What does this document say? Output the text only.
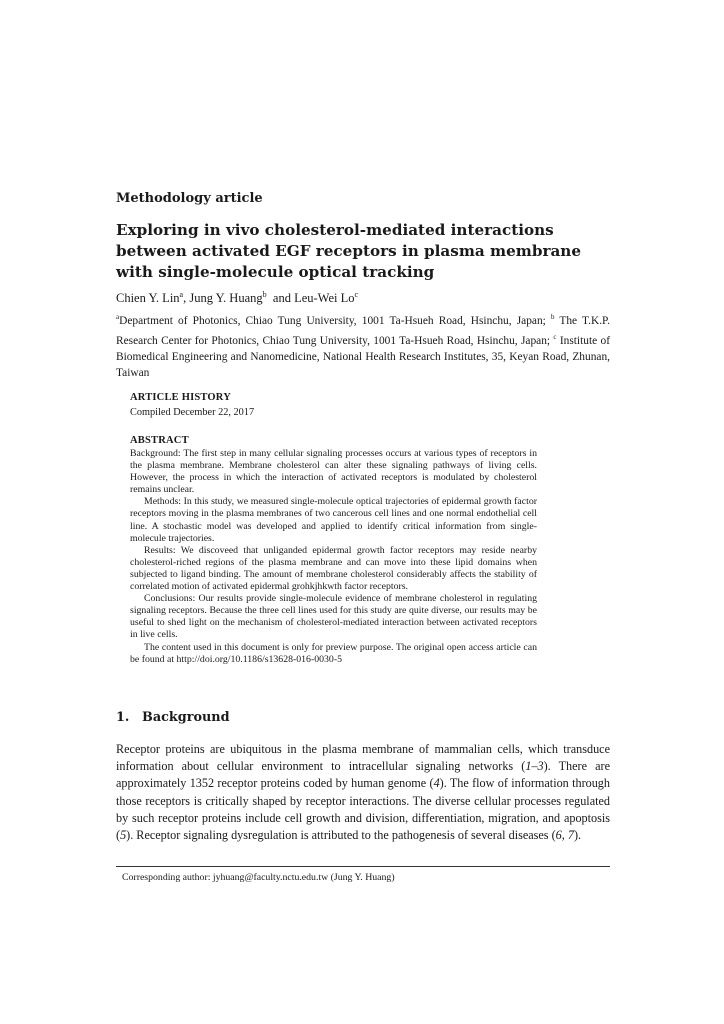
Methodology article
Exploring in vivo cholesterol-mediated interactions between activated EGF receptors in plasma membrane with single-molecule optical tracking
Chien Y. Lin$^a$, Jung Y. Huang$^b$  and Leu-Wei Lo$^c$
$^a$Department of Photonics, Chiao Tung University, 1001 Ta-Hsueh Road, Hsinchu, Japan; $^b$ The T.K.P. Research Center for Photonics, Chiao Tung University, 1001 Ta-Hsueh Road, Hsinchu, Japan; $^c$ Institute of Biomedical Engineering and Nanomedicine, National Health Research Institutes, 35, Keyan Road, Zhunan, Taiwan
ARTICLE HISTORY
Compiled December 22, 2017
ABSTRACT

Background: The first step in many cellular signaling processes occurs at various types of receptors in the plasma membrane. Membrane cholesterol can alter these signaling pathways of living cells. However, the process in which the interaction of activated receptors is modulated by cholesterol remains unclear.

Methods: In this study, we measured single-molecule optical trajectories of epidermal growth factor receptors moving in the plasma membranes of two cancerous cell lines and one normal endothelial cell line. A stochastic model was developed and applied to identify critical information from single-molecule trajectories.

Results: We discoveed that unliganded epidermal growth factor receptors may reside nearby cholesterol-riched regions of the plasma membrane and can move into these lipid domains when subjected to ligand binding. The amount of membrane cholesterol considerably affects the stability of correlated motion of activated epidermal grohkjhkwth factor receptors.

Conclusions: Our results provide single-molecule evidence of membrane cholesterol in regulating signaling receptors. Because the three cell lines used for this study are quite diverse, our results may be useful to shed light on the mechanism of cholesterol-mediated interaction between activated receptors in live cells.

The content used in this document is only for preview purpose. The original open access article can be found at http://doi.org/10.1186/s13628-016-0030-5

1. Background
Receptor proteins are ubiquitous in the plasma membrane of mammalian cells, which transduce information about cellular environment to intracellular signaling networks (1–3). There are approximately 1352 receptor proteins coded by human genome (4). The flow of information through those receptors is critically shaped by receptor interactions. The diverse cellular processes regulated by such receptor proteins include cell growth and division, differentiation, migration, and apoptosis (5). Receptor signaling dysregulation is attributed to the pathogenesis of several diseases (6, 7).
Corresponding author: jyhuang@faculty.nctu.edu.tw (Jung Y. Huang)
